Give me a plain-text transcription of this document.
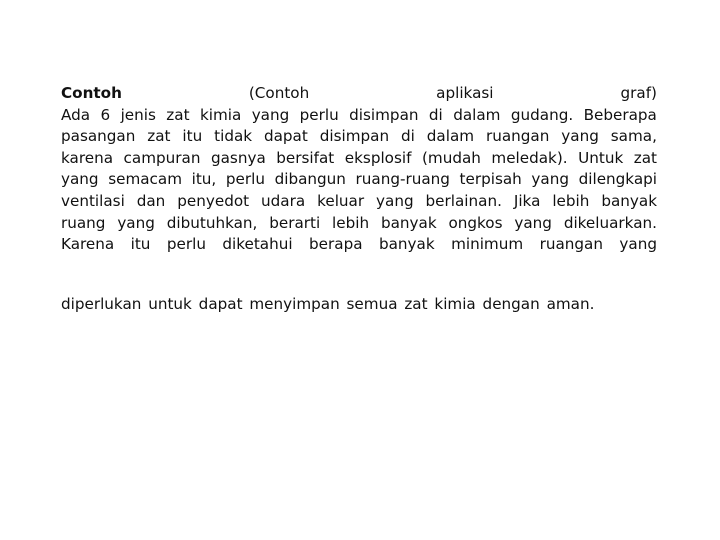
Contoh	(Contoh	aplikasi	graf)
Ada 6 jenis zat kimia yang perlu disimpan di dalam gudang. Beberapa
pasangan zat itu tidak dapat disimpan di dalam ruangan yang sama,
karena campuran gasnya bersifat eksplosif (mudah meledak). Untuk zat
yang semacam itu, perlu dibangun ruang-ruang terpisah yang dilengkapi
ventilasi dan penyedot udara keluar yang berlainan. Jika lebih banyak
ruang yang dibutuhkan, berarti lebih banyak ongkos yang dikeluarkan.
Karena itu perlu diketahui berapa banyak minimum ruangan yang
diperlukan untuk dapat menyimpan semua zat kimia dengan aman.
